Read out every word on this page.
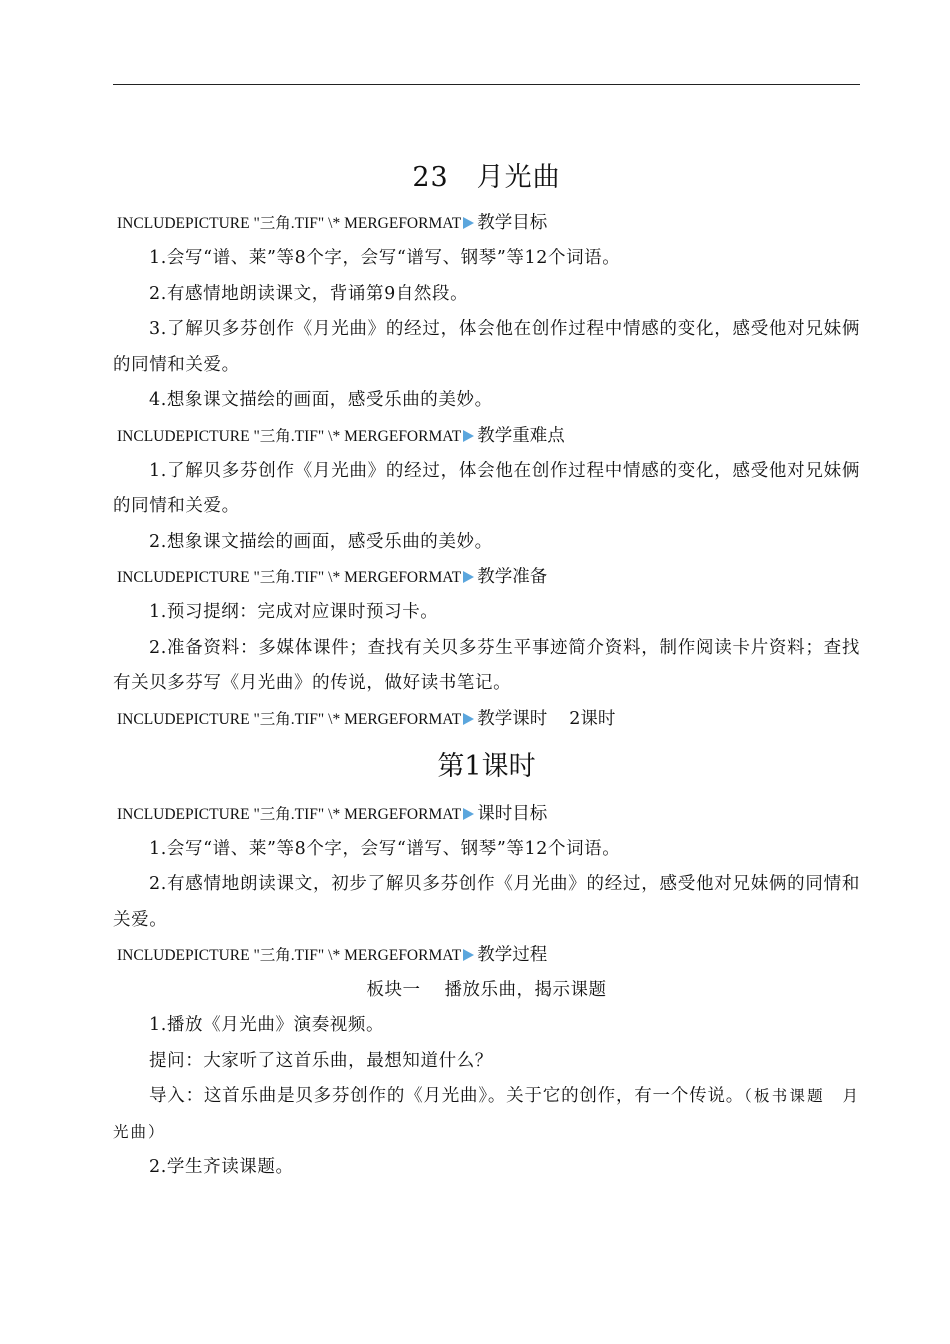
23 月光曲
INCLUDEPICTURE "三角.TIF" \* MERGEFORMAT 教学目标

1.会写“谱、莱”等8个字，会写“谱写、钢琴”等12个词语。

2.有感情地朗读课文，背诵第9自然段。

3.了解贝多芬创作《月光曲》的经过，体会他在创作过程中情感的变化，感受他对兄妹俩的同情和关爱。

4.想象课文描绘的画面，感受乐曲的美妙。

INCLUDEPICTURE "三角.TIF" \* MERGEFORMAT 教学重难点

1.了解贝多芬创作《月光曲》的经过，体会他在创作过程中情感的变化，感受他对兄妹俩的同情和关爱。

2.想象课文描绘的画面，感受乐曲的美妙。

INCLUDEPICTURE "三角.TIF" \* MERGEFORMAT 教学准备

1.预习提纲：完成对应课时预习卡。

2.准备资料：多媒体课件；查找有关贝多芬生平事迹简介资料，制作阅读卡片资料；查找有关贝多芬写《月光曲》的传说，做好读书笔记。

INCLUDEPICTURE "三角.TIF" \* MERGEFORMAT 教学课时 2课时
第1课时
INCLUDEPICTURE "三角.TIF" \* MERGEFORMAT 课时目标

1.会写“谱、莱”等8个字，会写“谱写、钢琴”等12个词语。

2.有感情地朗读课文，初步了解贝多芬创作《月光曲》的经过，感受他对兄妹俩的同情和关爱。

INCLUDEPICTURE "三角.TIF" \* MERGEFORMAT 教学过程
板块一 播放乐曲，揭示课题

1.播放《月光曲》演奏视频。

提问：大家听了这首乐曲，最想知道什么？

导入：这首乐曲是贝多芬创作的《月光曲》。关于它的创作，有一个传说。（板书课题　月光曲）

2.学生齐读课题。
